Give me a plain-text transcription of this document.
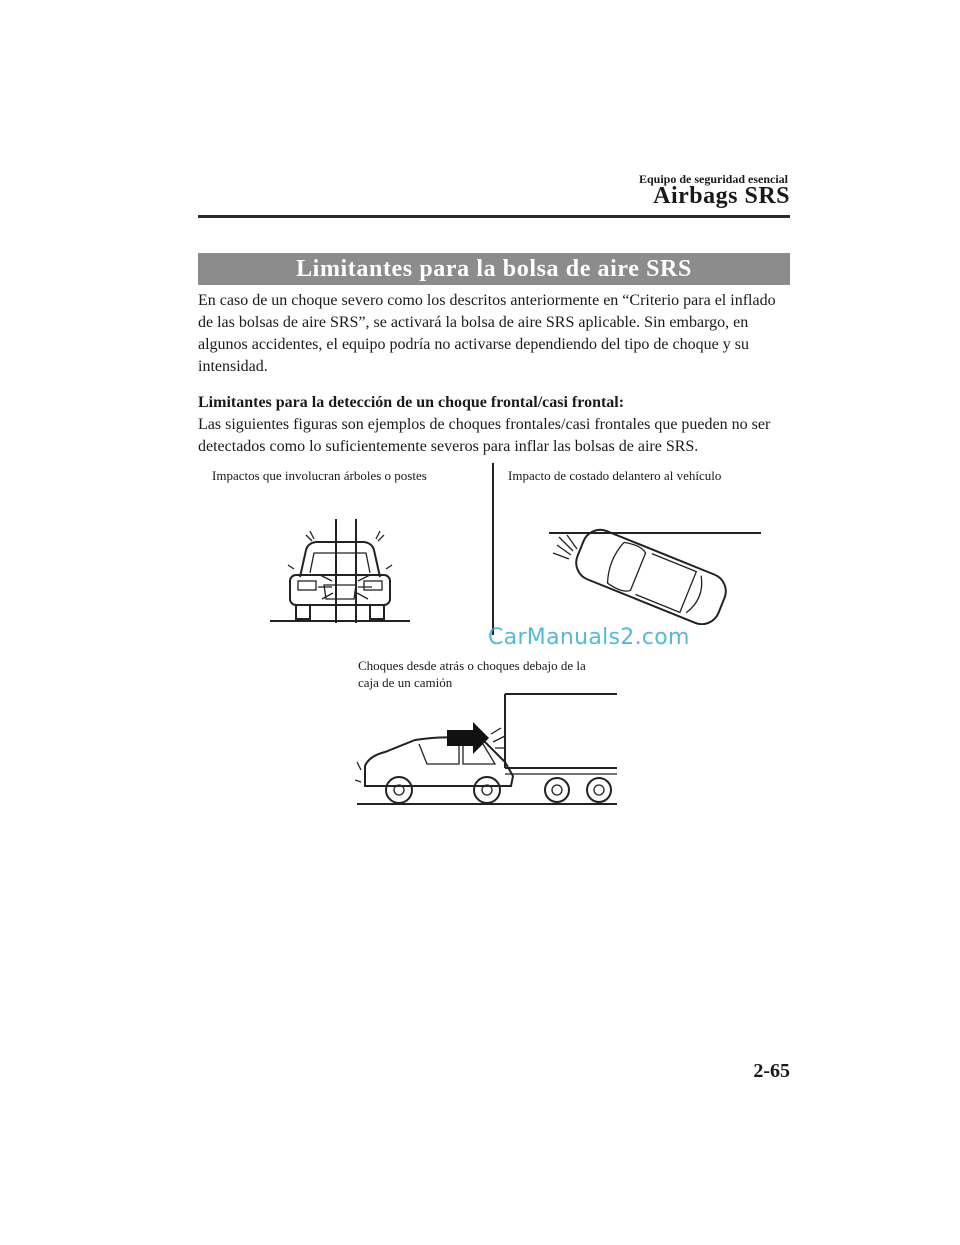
Equipo de seguridad esencial
Airbags SRS
Limitantes para la bolsa de aire SRS

En caso de un choque severo como los descritos anteriormente en “Criterio para el inflado de las bolsas de aire SRS”, se activará la bolsa de aire SRS aplicable. Sin embargo, en algunos accidentes, el equipo podría no activarse dependiendo del tipo de choque y su intensidad.

Limitantes para la detección de un choque frontal/casi frontal:

Las siguientes figuras son ejemplos de choques frontales/casi frontales que pueden no ser detectados como lo suficientemente severos para inflar las bolsas de aire SRS.

Impactos que involucran árboles o postes	Impacto de costado delantero al vehículo
Choques desde atrás o choques debajo de la
caja de un camión
CarManuals2.com
2-65
